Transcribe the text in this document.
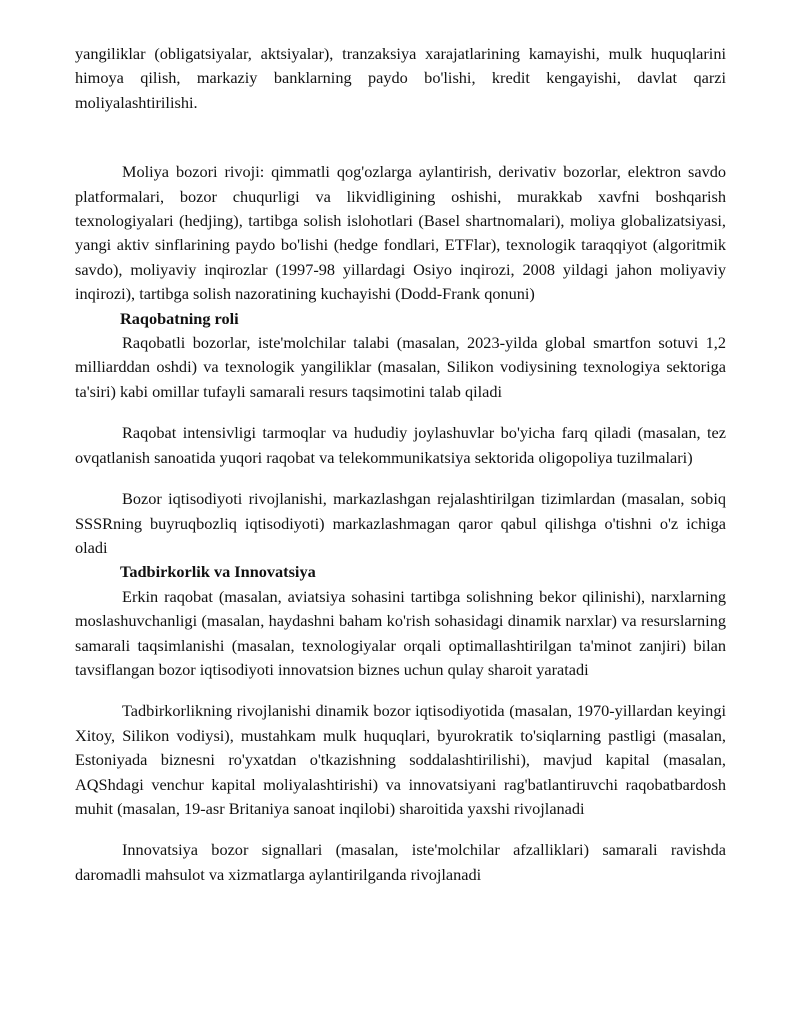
yangiliklar (obligatsiyalar, aktsiyalar), tranzaksiya xarajatlarining kamayishi, mulk huquqlarini himoya qilish, markaziy banklarning paydo bo'lishi, kredit kengayishi, davlat qarzi moliyalashtirilishi.

Moliya bozori rivoji: qimmatli qog'ozlarga aylantirish, derivativ bozorlar, elektron savdo platformalari, bozor chuqurligi va likvidligining oshishi, murakkab xavfni boshqarish texnologiyalari (hedjing), tartibga solish islohotlari (Basel shartnomalari), moliya globalizatsiyasi, yangi aktiv sinflarining paydo bo'lishi (hedge fondlari, ETFlar), texnologik taraqqiyot (algoritmik savdo), moliyaviy inqirozlar (1997-98 yillardagi Osiyo inqirozi, 2008 yildagi jahon moliyaviy inqirozi), tartibga solish nazoratining kuchayishi (Dodd-Frank qonuni)

Raqobatning roli

Raqobatli bozorlar, iste'molchilar talabi (masalan, 2023-yilda global smartfon sotuvi 1,2 milliarddan oshdi) va texnologik yangiliklar (masalan, Silikon vodiysining texnologiya sektoriga ta'siri) kabi omillar tufayli samarali resurs taqsimotini talab qiladi

Raqobat intensivligi tarmoqlar va hududiy joylashuvlar bo'yicha farq qiladi (masalan, tez ovqatlanish sanoatida yuqori raqobat va telekommunikatsiya sektorida oligopoliya tuzilmalari)

Bozor iqtisodiyoti rivojlanishi, markazlashgan rejalashtirilgan tizimlardan (masalan, sobiq SSSRning buyruqbozliq iqtisodiyoti) markazlashmagan qaror qabul qilishga o'tishni o'z ichiga oladi

Tadbirkorlik va Innovatsiya

Erkin raqobat (masalan, aviatsiya sohasini tartibga solishning bekor qilinishi), narxlarning moslashuvchanligi (masalan, haydashni baham ko'rish sohasidagi dinamik narxlar) va resurslarning samarali taqsimlanishi (masalan, texnologiyalar orqali optimallashtirilgan ta'minot zanjiri) bilan tavsiflangan bozor iqtisodiyoti innovatsion biznes uchun qulay sharoit yaratadi

Tadbirkorlikning rivojlanishi dinamik bozor iqtisodiyotida (masalan, 1970-yillardan keyingi Xitoy, Silikon vodiysi), mustahkam mulk huquqlari, byurokratik to'siqlarning pastligi (masalan, Estoniyada biznesni ro'yxatdan o'tkazishning soddalashtirilishi), mavjud kapital (masalan, AQShdagi venchur kapital moliyalashtirishi) va innovatsiyani rag'batlantiruvchi raqobatbardosh muhit (masalan, 19-asr Britaniya sanoat inqilobi) sharoitida yaxshi rivojlanadi

Innovatsiya bozor signallari (masalan, iste'molchilar afzalliklari) samarali ravishda daromadli mahsulot va xizmatlarga aylantirilganda rivojlanadi
